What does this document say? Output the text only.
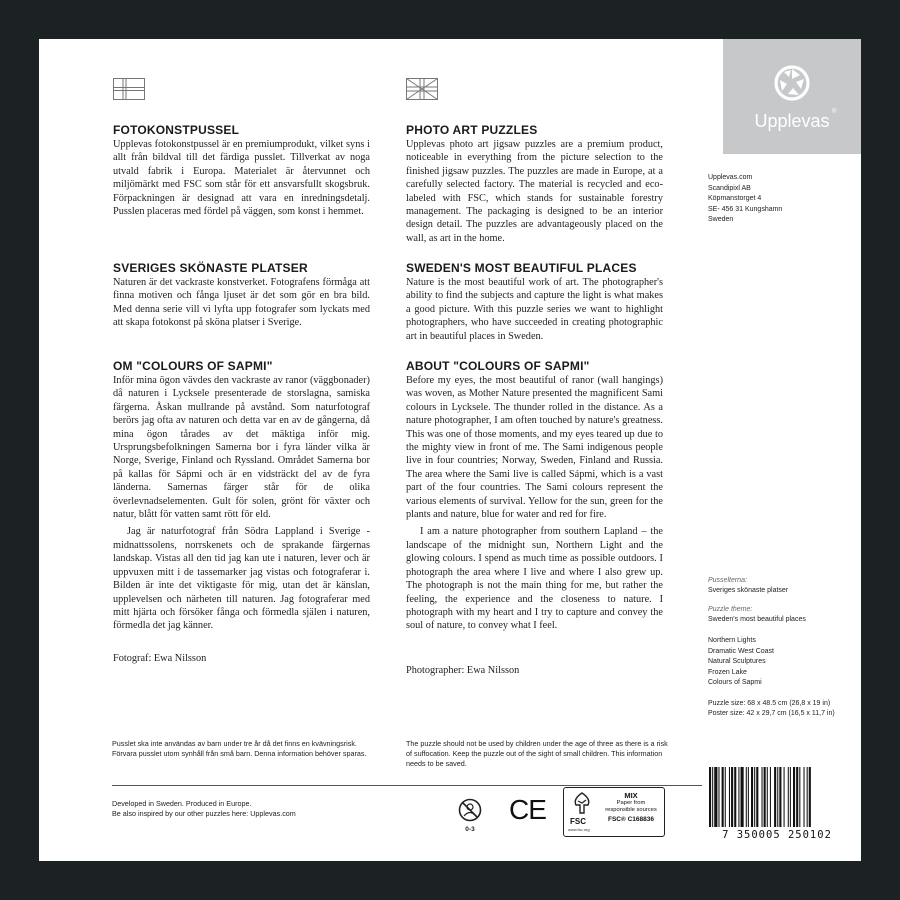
FOTOKONSTPUSSEL

Upplevas fotokonstpussel är en premiumprodukt, vilket syns i allt från bildval till det färdiga pusslet. Tillverkat av noga utvald fabrik i Europa. Materialet är återvunnet och miljömärkt med FSC som står för ett ansvarsfullt skogsbruk. Förpackningen är designad att vara en inredningsdetalj. Pusslen placeras med fördel på väggen, som konst i hemmet.

SVERIGES SKÖNASTE PLATSER

Naturen är det vackraste konstverket. Fotografens förmåga att finna motiven och fånga ljuset är det som gör en bra bild. Med denna serie vill vi lyfta upp fotografer som lyckats med att skapa fotokonst på sköna platser i Sverige.

OM "COLOURS OF SAPMI"

Inför mina ögon vävdes den vackraste av ranor (väggbonader) då naturen i Lycksele presenterade de storslagna, samiska färgerna. Åskan mullrande på avstånd. Som naturfotograf berörs jag ofta av naturen och detta var en av de gångerna, då mina ögon tårades av det mäktiga inför mig. Ursprungsbefolkningen Samerna bor i fyra länder vilka är Norge, Sverige, Finland och Ryssland. Området Samerna bor på kallas för Sápmi och är en vidsträckt del av de fyra länderna. Samernas färger står för de olika överlevnadselementen. Gult för solen, grönt för växter och natur, blått för vatten samt rött för eld.

Jag är naturfotograf från Södra Lappland i Sverige - midnattssolens, norrskenets och de sprakande färgernas landskap. Vistas all den tid jag kan ute i naturen, lever och är uppvuxen mitt i de tassemarker jag vistas och fotograferar i. Bilden är inte det viktigaste för mig, utan det är känslan, upplevelsen och närheten till naturen. Jag fotograferar med mitt hjärta och försöker fånga och förmedla själen i naturen, förmedla det jag känner.

Fotograf: Ewa Nilsson
PHOTO ART PUZZLES

Upplevas photo art jigsaw puzzles are a premium product, noticeable in everything from the picture selection to the finished jigsaw puzzles. The puzzles are made in Europe, at a carefully selected factory. The material is recycled and eco-labeled with FSC, which stands for sustainable forestry management. The packaging is designed to be an interior design detail. The puzzles are advantageously placed on the wall, as art in the home.

SWEDEN'S MOST BEAUTIFUL PLACES

Nature is the most beautiful work of art. The photographer's ability to find the subjects and capture the light is what makes a good picture. With this puzzle series we want to highlight photographers, who have succeeded in creating photographic art in beautiful places in Sweden.

ABOUT "COLOURS OF SAPMI"

Before my eyes, the most beautiful of ranor (wall hangings) was woven, as Mother Nature presented the magnificent Sami colours in Lycksele. The thunder rolled in the distance. As a nature photographer, I am often touched by nature's greatness. This was one of those moments, and my eyes teared up due to the mighty view in front of me. The Sami indigenous people live in four countries; Norway, Sweden, Finland and Russia. The area where the Sami live is called Sápmi, which is a vast part of the four countries. The Sami colours represent the various elements of survival. Yellow for the sun, green for the plants and nature, blue for water and red for fire.

I am a nature photographer from southern Lapland – the landscape of the midnight sun, Northern Light and the glowing colours. I spend as much time as possible outdoors. I photograph the area where I live and where I also grew up. The photograph is not the main thing for me, but rather the feeling, the experience and the closeness to nature. I photograph with my heart and I try to capture and convey the soul of nature, to convey what I feel.

Photographer: Ewa Nilsson
Upplevas ®
Upplevas.com
Scandipixl AB
Köpmanstorget 4
SE- 456 31 Kungshamn
Sweden
Pusselterna:
Sveriges skönaste platser
Puzzle theme:
Sweden's most beautiful places
Northern Lights
Dramatic West Coast
Natural Sculptures
Frozen Lake
Colours of Sapmi
Puzzle size: 68 x 48.5 cm (26,8 x 19 in)
Poster size: 42 x 29,7 cm (16,5 x 11,7 in)
Pusslet ska inte användas av barn under tre år då det finns en kvävningsrisk. Förvara pusslet utom synhåll från små barn. Denna information behöver sparas.
The puzzle should not be used by children under the age of three as there is a risk of suffocation. Keep the puzzle out of the sight of small children. This information needs to be saved.
Developed in Sweden. Produced in Europe.
Be also inspired by our other puzzles here: Upplevas.com
0-3
CE	FSC
www.fsc.org
MIX
Paper from
responsible sources
FSC® C168836
7 350005 250102
